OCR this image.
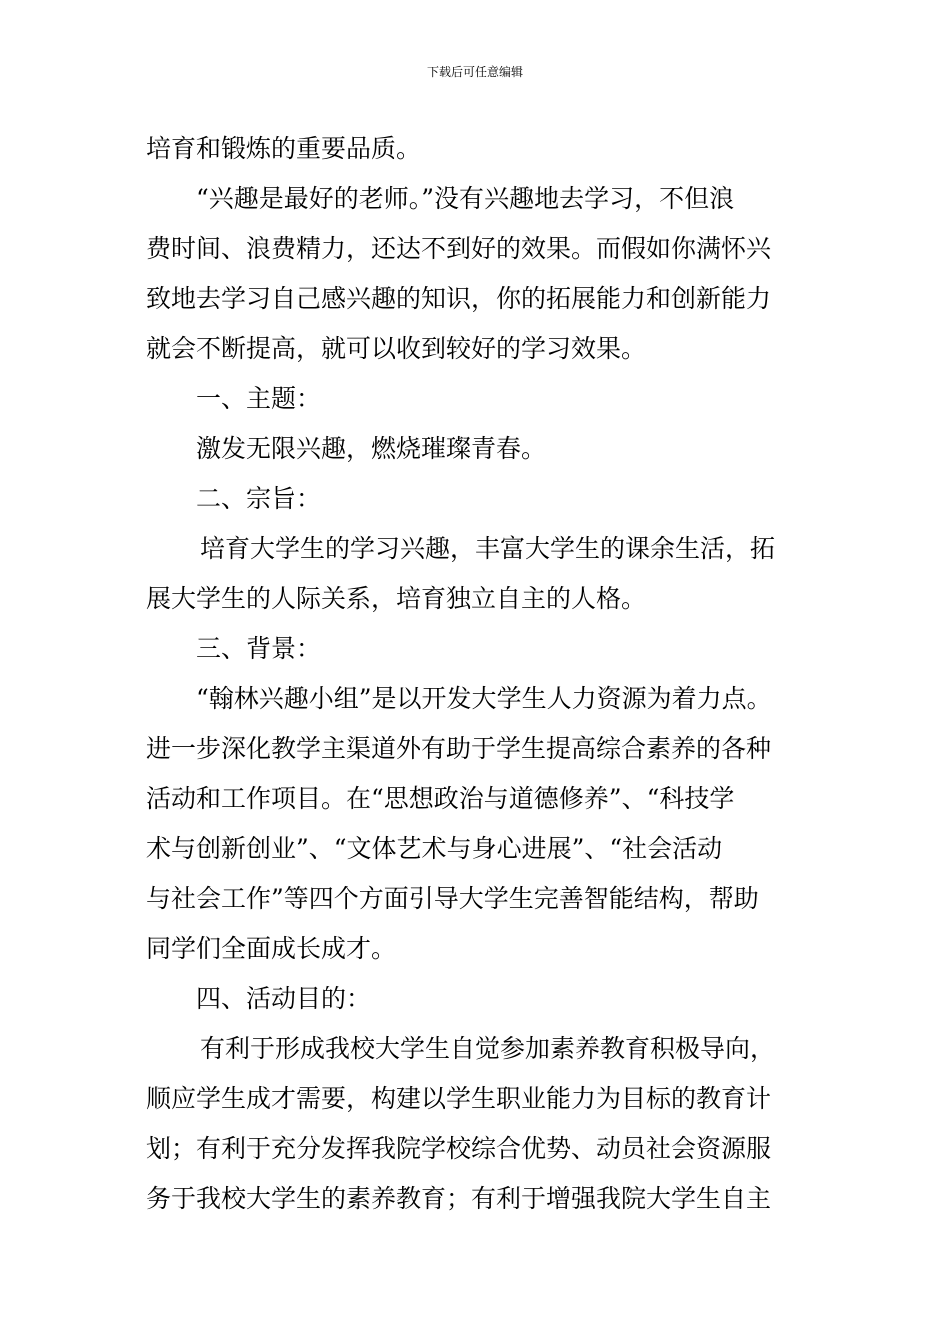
下载后可任意编辑
培育和锻炼的重要品质。
“兴趣是最好的老师。”没有兴趣地去学习，不但浪
费时间、浪费精力，还达不到好的效果。而假如你满怀兴
致地去学习自己感兴趣的知识，你的拓展能力和创新能力
就会不断提高，就可以收到较好的学习效果。
一、主题：
激发无限兴趣，燃烧璀璨青春。
二、宗旨：
培育大学生的学习兴趣，丰富大学生的课余生活，拓
展大学生的人际关系，培育独立自主的人格。
三、背景：
“翰林兴趣小组”是以开发大学生人力资源为着力点。
进一步深化教学主渠道外有助于学生提高综合素养的各种
活动和工作项目。在“思想政治与道德修养”、“科技学
术与创新创业”、“文体艺术与身心进展”、“社会活动
与社会工作”等四个方面引导大学生完善智能结构，帮助
同学们全面成长成才。
四、活动目的：
有利于形成我校大学生自觉参加素养教育积极导向，
顺应学生成才需要，构建以学生职业能力为目标的教育计
划；有利于充分发挥我院学校综合优势、动员社会资源服
务于我校大学生的素养教育；有利于增强我院大学生自主
